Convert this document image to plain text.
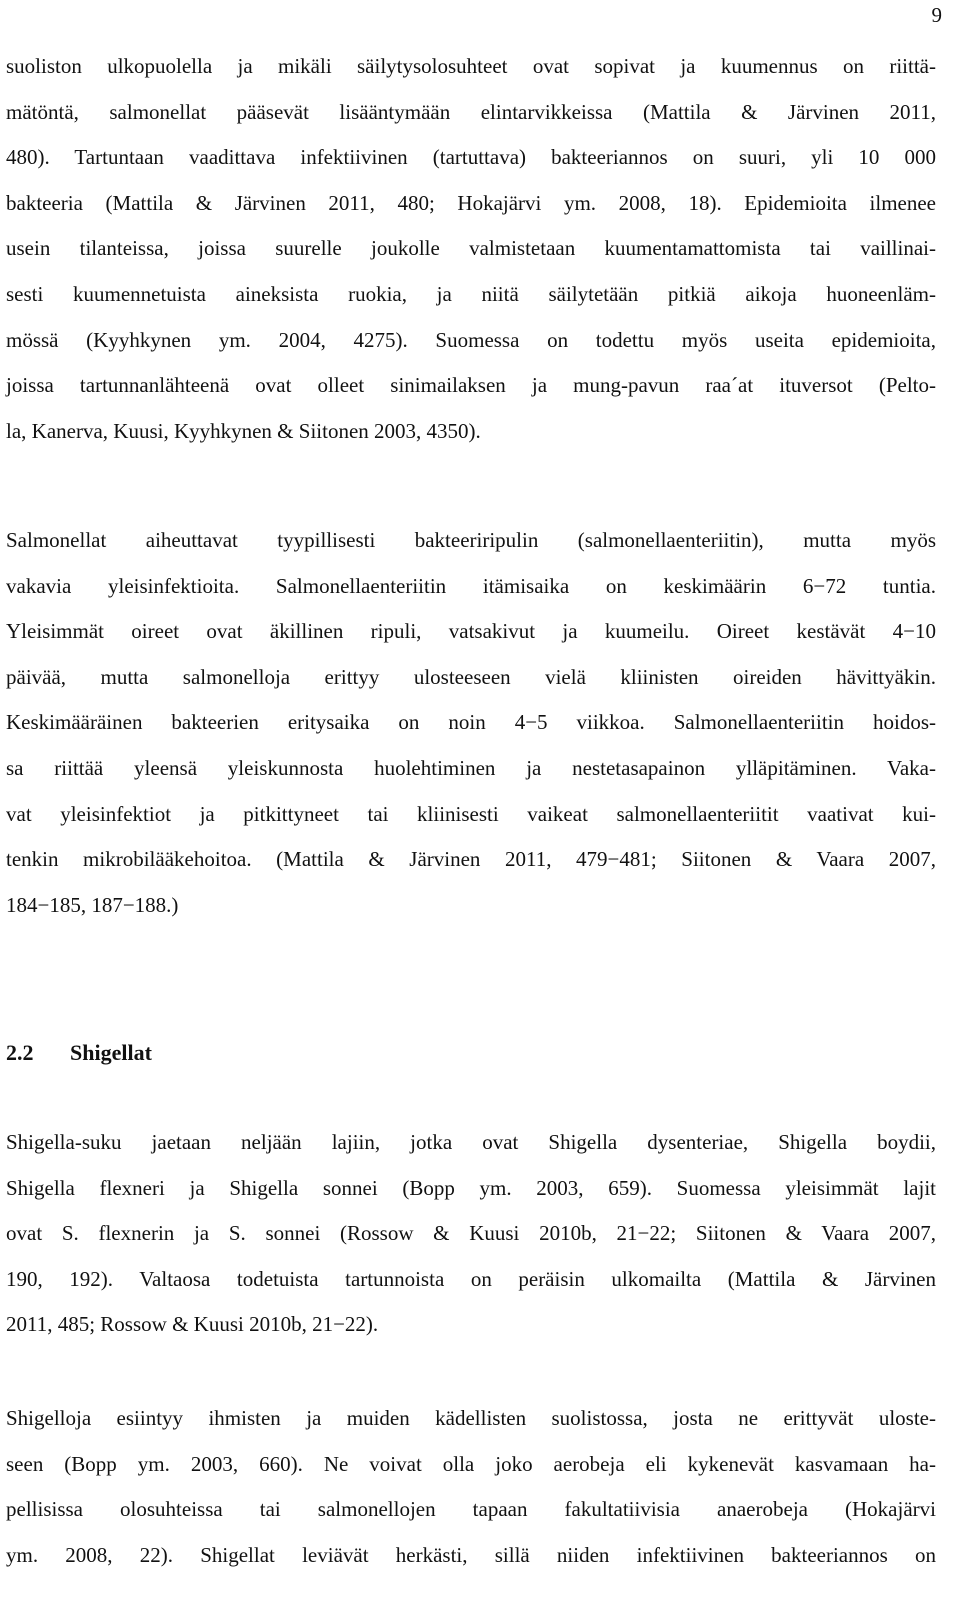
9
suoliston ulkopuolella ja mikäli säilytysolosuhteet ovat sopivat ja kuumennus on riittä-
mätöntä, salmonellat pääsevät lisääntymään elintarvikkeissa (Mattila & Järvinen 2011,
480). Tartuntaan vaadittava infektiivinen (tartuttava) bakteeriannos on suuri, yli 10 000
bakteeria (Mattila & Järvinen 2011, 480; Hokajärvi ym. 2008, 18). Epidemioita ilmenee
usein tilanteissa, joissa suurelle joukolle valmistetaan kuumentamattomista tai vaillinai-
sesti kuumennetuista aineksista ruokia, ja niitä säilytetään pitkiä aikoja huoneenläm-
mössä (Kyyhkynen ym. 2004, 4275). Suomessa on todettu myös useita epidemioita,
joissa tartunnanlähteenä ovat olleet sinimailaksen ja mung-pavun raa´at ituversot (Pelto-
la, Kanerva, Kuusi, Kyyhkynen & Siitonen 2003, 4350).
Salmonellat aiheuttavat tyypillisesti bakteeriripulin (salmonellaenteriitin), mutta myös
vakavia yleisinfektioita. Salmonellaenteriitin itämisaika on keskimäärin 6−72 tuntia.
Yleisimmät oireet ovat äkillinen ripuli, vatsakivut ja kuumeilu. Oireet kestävät 4−10
päivää, mutta salmonelloja erittyy ulosteeseen vielä kliinisten oireiden hävittyäkin.
Keskimääräinen bakteerien eritysaika on noin 4−5 viikkoa. Salmonellaenteriitin hoidos-
sa riittää yleensä yleiskunnosta huolehtiminen ja nestetasapainon ylläpitäminen. Vaka-
vat yleisinfektiot ja pitkittyneet tai kliinisesti vaikeat salmonellaenteriitit vaativat kui-
tenkin mikrobilääkehoitoa. (Mattila & Järvinen 2011, 479−481; Siitonen & Vaara 2007,
184−185, 187−188.)
2.2 Shigellat
Shigella-suku jaetaan neljään lajiin, jotka ovat Shigella dysenteriae, Shigella boydii,
Shigella flexneri ja Shigella sonnei (Bopp ym. 2003, 659). Suomessa yleisimmät lajit
ovat S. flexnerin ja S. sonnei (Rossow & Kuusi 2010b, 21−22; Siitonen & Vaara 2007,
190, 192). Valtaosa todetuista tartunnoista on peräisin ulkomailta (Mattila & Järvinen
2011, 485; Rossow & Kuusi 2010b, 21−22).
Shigelloja esiintyy ihmisten ja muiden kädellisten suolistossa, josta ne erittyvät uloste-
seen (Bopp ym. 2003, 660). Ne voivat olla joko aerobeja eli kykenevät kasvamaan ha-
pellisissa olosuhteissa tai salmonellojen tapaan fakultatiivisia anaerobeja (Hokajärvi
ym. 2008, 22). Shigellat leviävät herkästi, sillä niiden infektiivinen bakteeriannos on
